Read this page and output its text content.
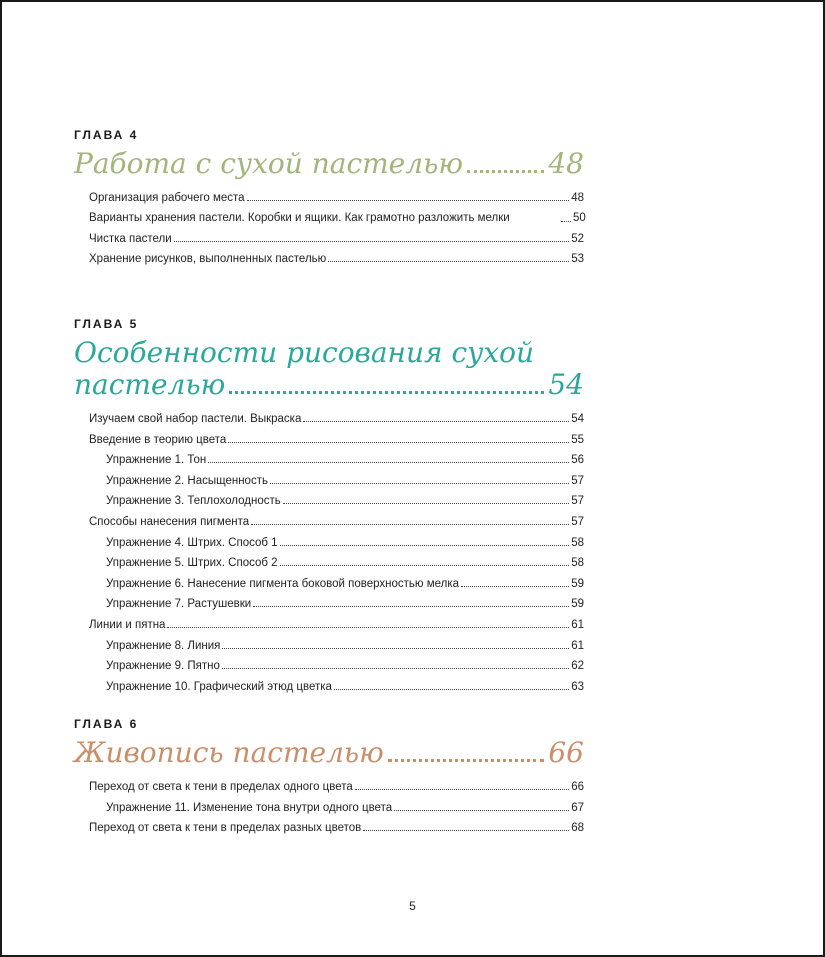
ГЛАВА 4
Работа с сухой пастелью	48
Организация рабочего места	48
Варианты хранения пастели. Коробки и ящики. Как грамотно разложить мелки	50
Чистка пастели	52
Хранение рисунков, выполненных пастелью	53
ГЛАВА 5
Особенности рисования сухой
пастелью	54
Изучаем свой набор пастели. Выкраска	54
Введение в теорию цвета	55
Упражнение 1. Тон	56
Упражнение 2. Насыщенность	57
Упражнение 3. Теплохолодность	57
Способы нанесения пигмента	57
Упражнение 4. Штрих. Способ 1	58
Упражнение 5. Штрих. Способ 2	58
Упражнение 6. Нанесение пигмента боковой поверхностью мелка	59
Упражнение 7. Растушевки	59
Линии и пятна	61
Упражнение 8. Линия	61
Упражнение 9. Пятно	62
Упражнение 10. Графический этюд цветка	63
ГЛАВА 6
Живопись пастелью	66
Переход от света к тени в пределах одного цвета	66
Упражнение 11. Изменение тона внутри одного цвета	67
Переход от света к тени в пределах разных цветов	68
5
